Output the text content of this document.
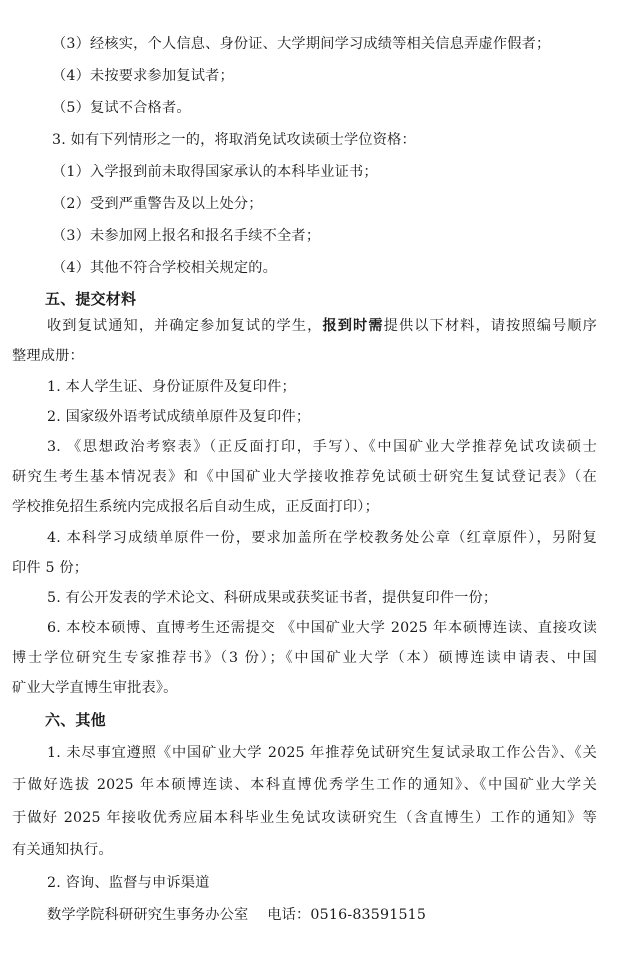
（3）经核实，个人信息、身份证、大学期间学习成绩等相关信息弄虚作假者；
（4）未按要求参加复试者；
（5）复试不合格者。
3. 如有下列情形之一的，将取消免试攻读硕士学位资格：
（1）入学报到前未取得国家承认的本科毕业证书；
（2）受到严重警告及以上处分；
（3）未参加网上报名和报名手续不全者；
（4）其他不符合学校相关规定的。
五、提交材料
收到复试通知，并确定参加复试的学生，报到时需提供以下材料，请按照编号顺序
整理成册：
1. 本人学生证、身份证原件及复印件；
2. 国家级外语考试成绩单原件及复印件；
3. 《思想政治考察表》（正反面打印，手写）、《中国矿业大学推荐免试攻读硕士
研究生考生基本情况表》和《中国矿业大学接收推荐免试硕士研究生复试登记表》（在
学校推免招生系统内完成报名后自动生成，正反面打印）；
4. 本科学习成绩单原件一份，要求加盖所在学校教务处公章（红章原件），另附复
印件 5 份；
5. 有公开发表的学术论文、科研成果或获奖证书者，提供复印件一份；
6. 本校本硕博、直博考生还需提交 《中国矿业大学 2025 年本硕博连读、直接攻读
博士学位研究生专家推荐书》（3 份）；《中国矿业大学（本）硕博连读申请表、中国
矿业大学直博生审批表》。
六、其他
1. 未尽事宜遵照《中国矿业大学 2025 年推荐免试研究生复试录取工作公告》、《关
于做好选拔 2025 年本硕博连读、本科直博优秀学生工作的通知》、《中国矿业大学关
于做好 2025 年接收优秀应届本科毕业生免试攻读研究生（含直博生）工作的通知》等
有关通知执行。
2. 咨询、监督与申诉渠道
数学学院科研研究生事务办公室    电话：0516-83591515
